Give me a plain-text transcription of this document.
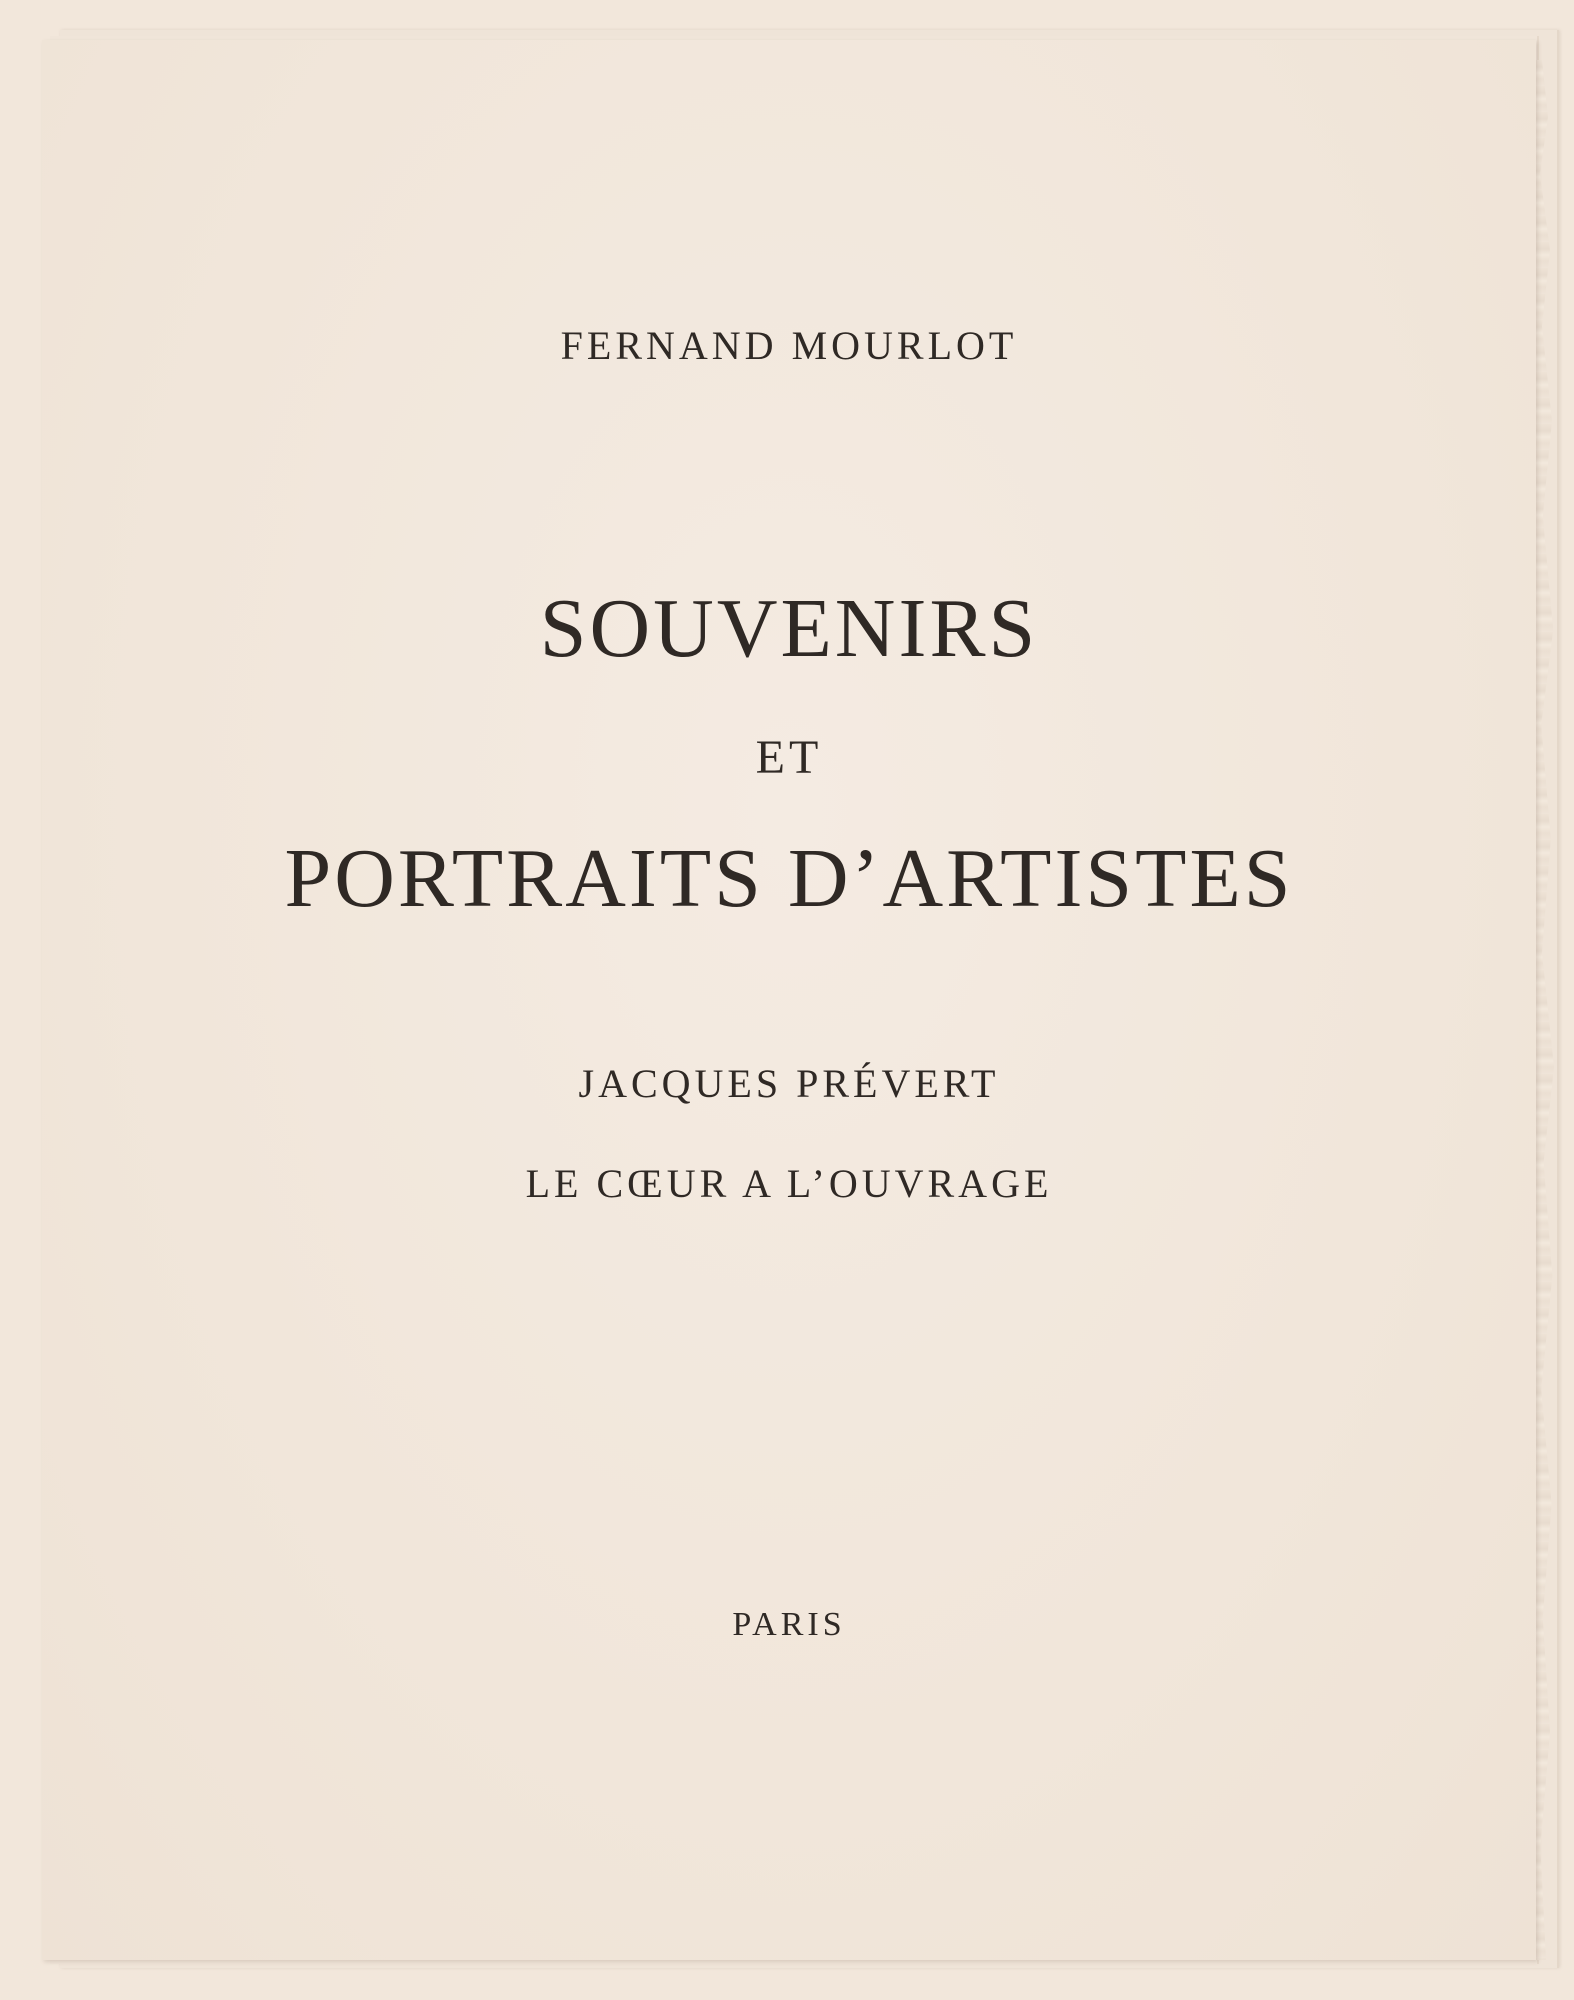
FERNAND MOURLOT

SOUVENIRS

ET

PORTRAITS D’ARTISTES

JACQUES PRÉVERT

LE CŒUR A L’OUVRAGE

PARIS
